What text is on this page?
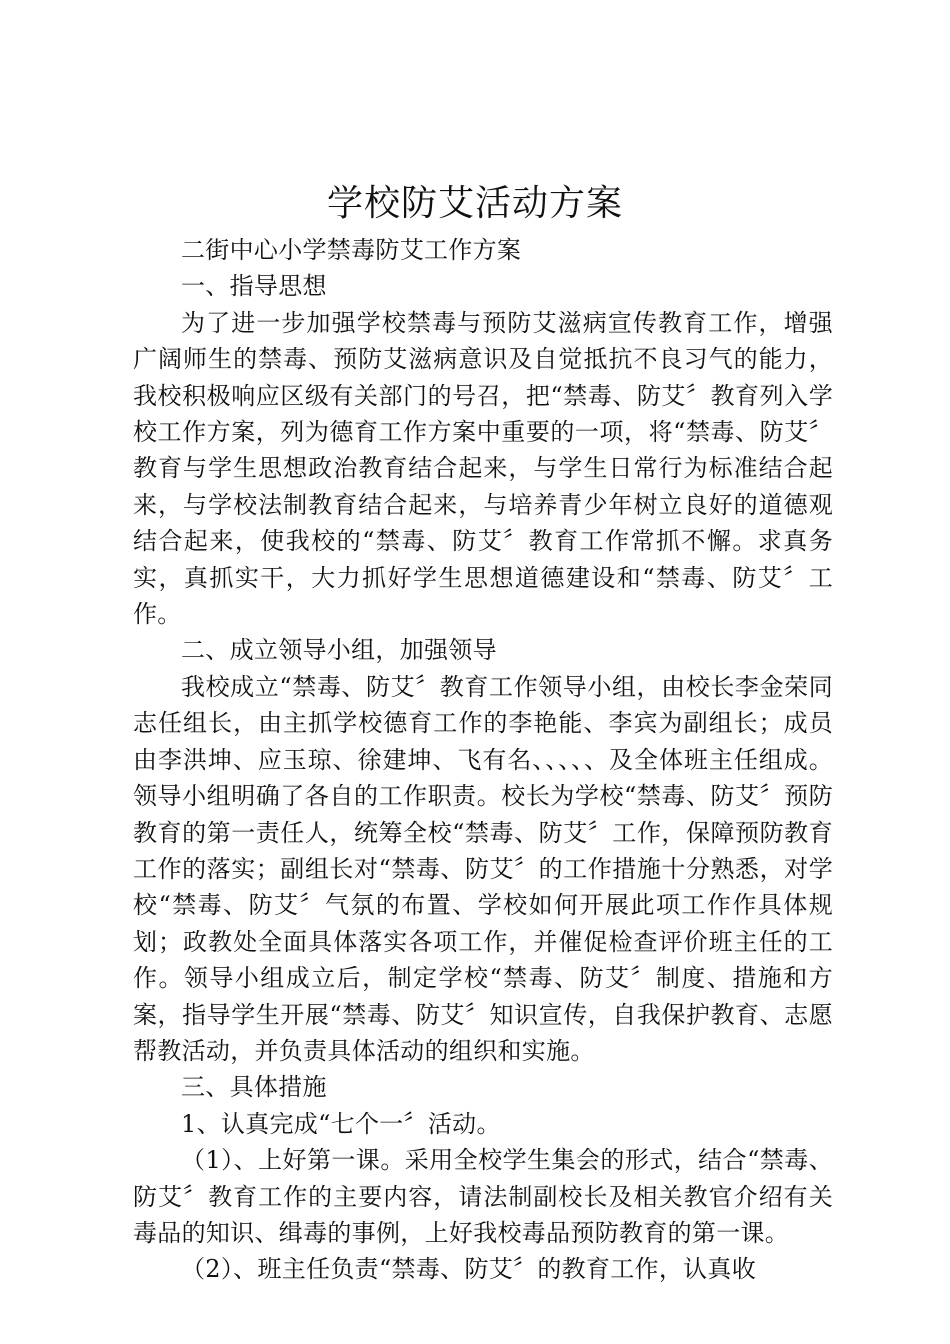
学校防艾活动方案

二街中心小学禁毒防艾工作方案

一、指导思想

为了进一步加强学校禁毒与预防艾滋病宣传教育工作，增强广阔师生的禁毒、预防艾滋病意识及自觉抵抗不良习气的能力，我校积极响应区级有关部门的号召，把“禁毒、防艾〞教育列入学校工作方案，列为德育工作方案中重要的一项，将“禁毒、防艾〞教育与学生思想政治教育结合起来，与学生日常行为标准结合起来，与学校法制教育结合起来，与培养青少年树立良好的道德观结合起来，使我校的“禁毒、防艾〞教育工作常抓不懈。求真务实，真抓实干，大力抓好学生思想道德建设和“禁毒、防艾〞工作。

二、成立领导小组，加强领导

我校成立“禁毒、防艾〞教育工作领导小组，由校长李金荣同志任组长，由主抓学校德育工作的李艳能、李宾为副组长；成员由李洪坤、应玉琼、徐建坤、飞有名、、、、、及全体班主任组成。领导小组明确了各自的工作职责。校长为学校“禁毒、防艾〞预防教育的第一责任人，统筹全校“禁毒、防艾〞工作，保障预防教育工作的落实；副组长对“禁毒、防艾〞的工作措施十分熟悉，对学校“禁毒、防艾〞气氛的布置、学校如何开展此项工作作具体规划；政教处全面具体落实各项工作，并催促检查评价班主任的工作。领导小组成立后，制定学校“禁毒、防艾〞制度、措施和方案，指导学生开展“禁毒、防艾〞知识宣传，自我保护教育、志愿帮教活动，并负责具体活动的组织和实施。

三、具体措施

1、认真完成“七个一〞活动。

（1）、上好第一课。采用全校学生集会的形式，结合“禁毒、防艾〞教育工作的主要内容，请法制副校长及相关教官介绍有关毒品的知识、缉毒的事例，上好我校毒品预防教育的第一课。

（2）、班主任负责“禁毒、防艾〞的教育工作，认真收
